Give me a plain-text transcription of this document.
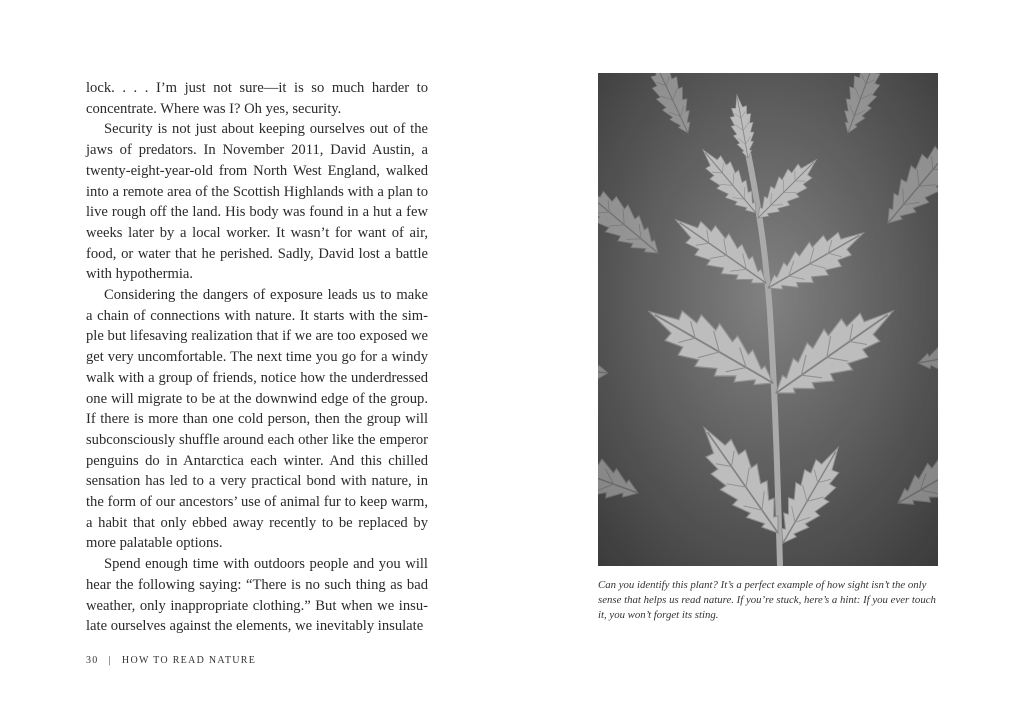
lock. . . . I’m just not sure—it is so much harder to concentrate. Where was I? Oh yes, security.

Security is not just about keeping ourselves out of the jaws of predators. In November 2011, David Austin, a twenty-eight-year-old from North West England, walked into a remote area of the Scottish Highlands with a plan to live rough off the land. His body was found in a hut a few weeks later by a local worker. It wasn’t for want of air, food, or water that he perished. Sadly, David lost a battle with hypothermia.

Considering the dangers of exposure leads us to make a chain of connections with nature. It starts with the simple but lifesaving realization that if we are too exposed we get very uncomfortable. The next time you go for a windy walk with a group of friends, notice how the underdressed one will migrate to be at the downwind edge of the group. If there is more than one cold person, then the group will subconsciously shuffle around each other like the emperor penguins do in Antarctica each winter. And this chilled sensation has led to a very practical bond with nature, in the form of our ancestors’ use of animal fur to keep warm, a habit that only ebbed away recently to be replaced by more palatable options.

Spend enough time with outdoors people and you will hear the following saying: “There is no such thing as bad weather, only inappropriate clothing.” But when we insulate ourselves against the elements, we inevitably insulate

30 | HOW TO READ NATURE

Can you identify this plant? It’s a perfect example of how sight isn’t the only sense that helps us read nature. If you’re stuck, here’s a hint: If you ever touch it, you won’t forget its sting.
